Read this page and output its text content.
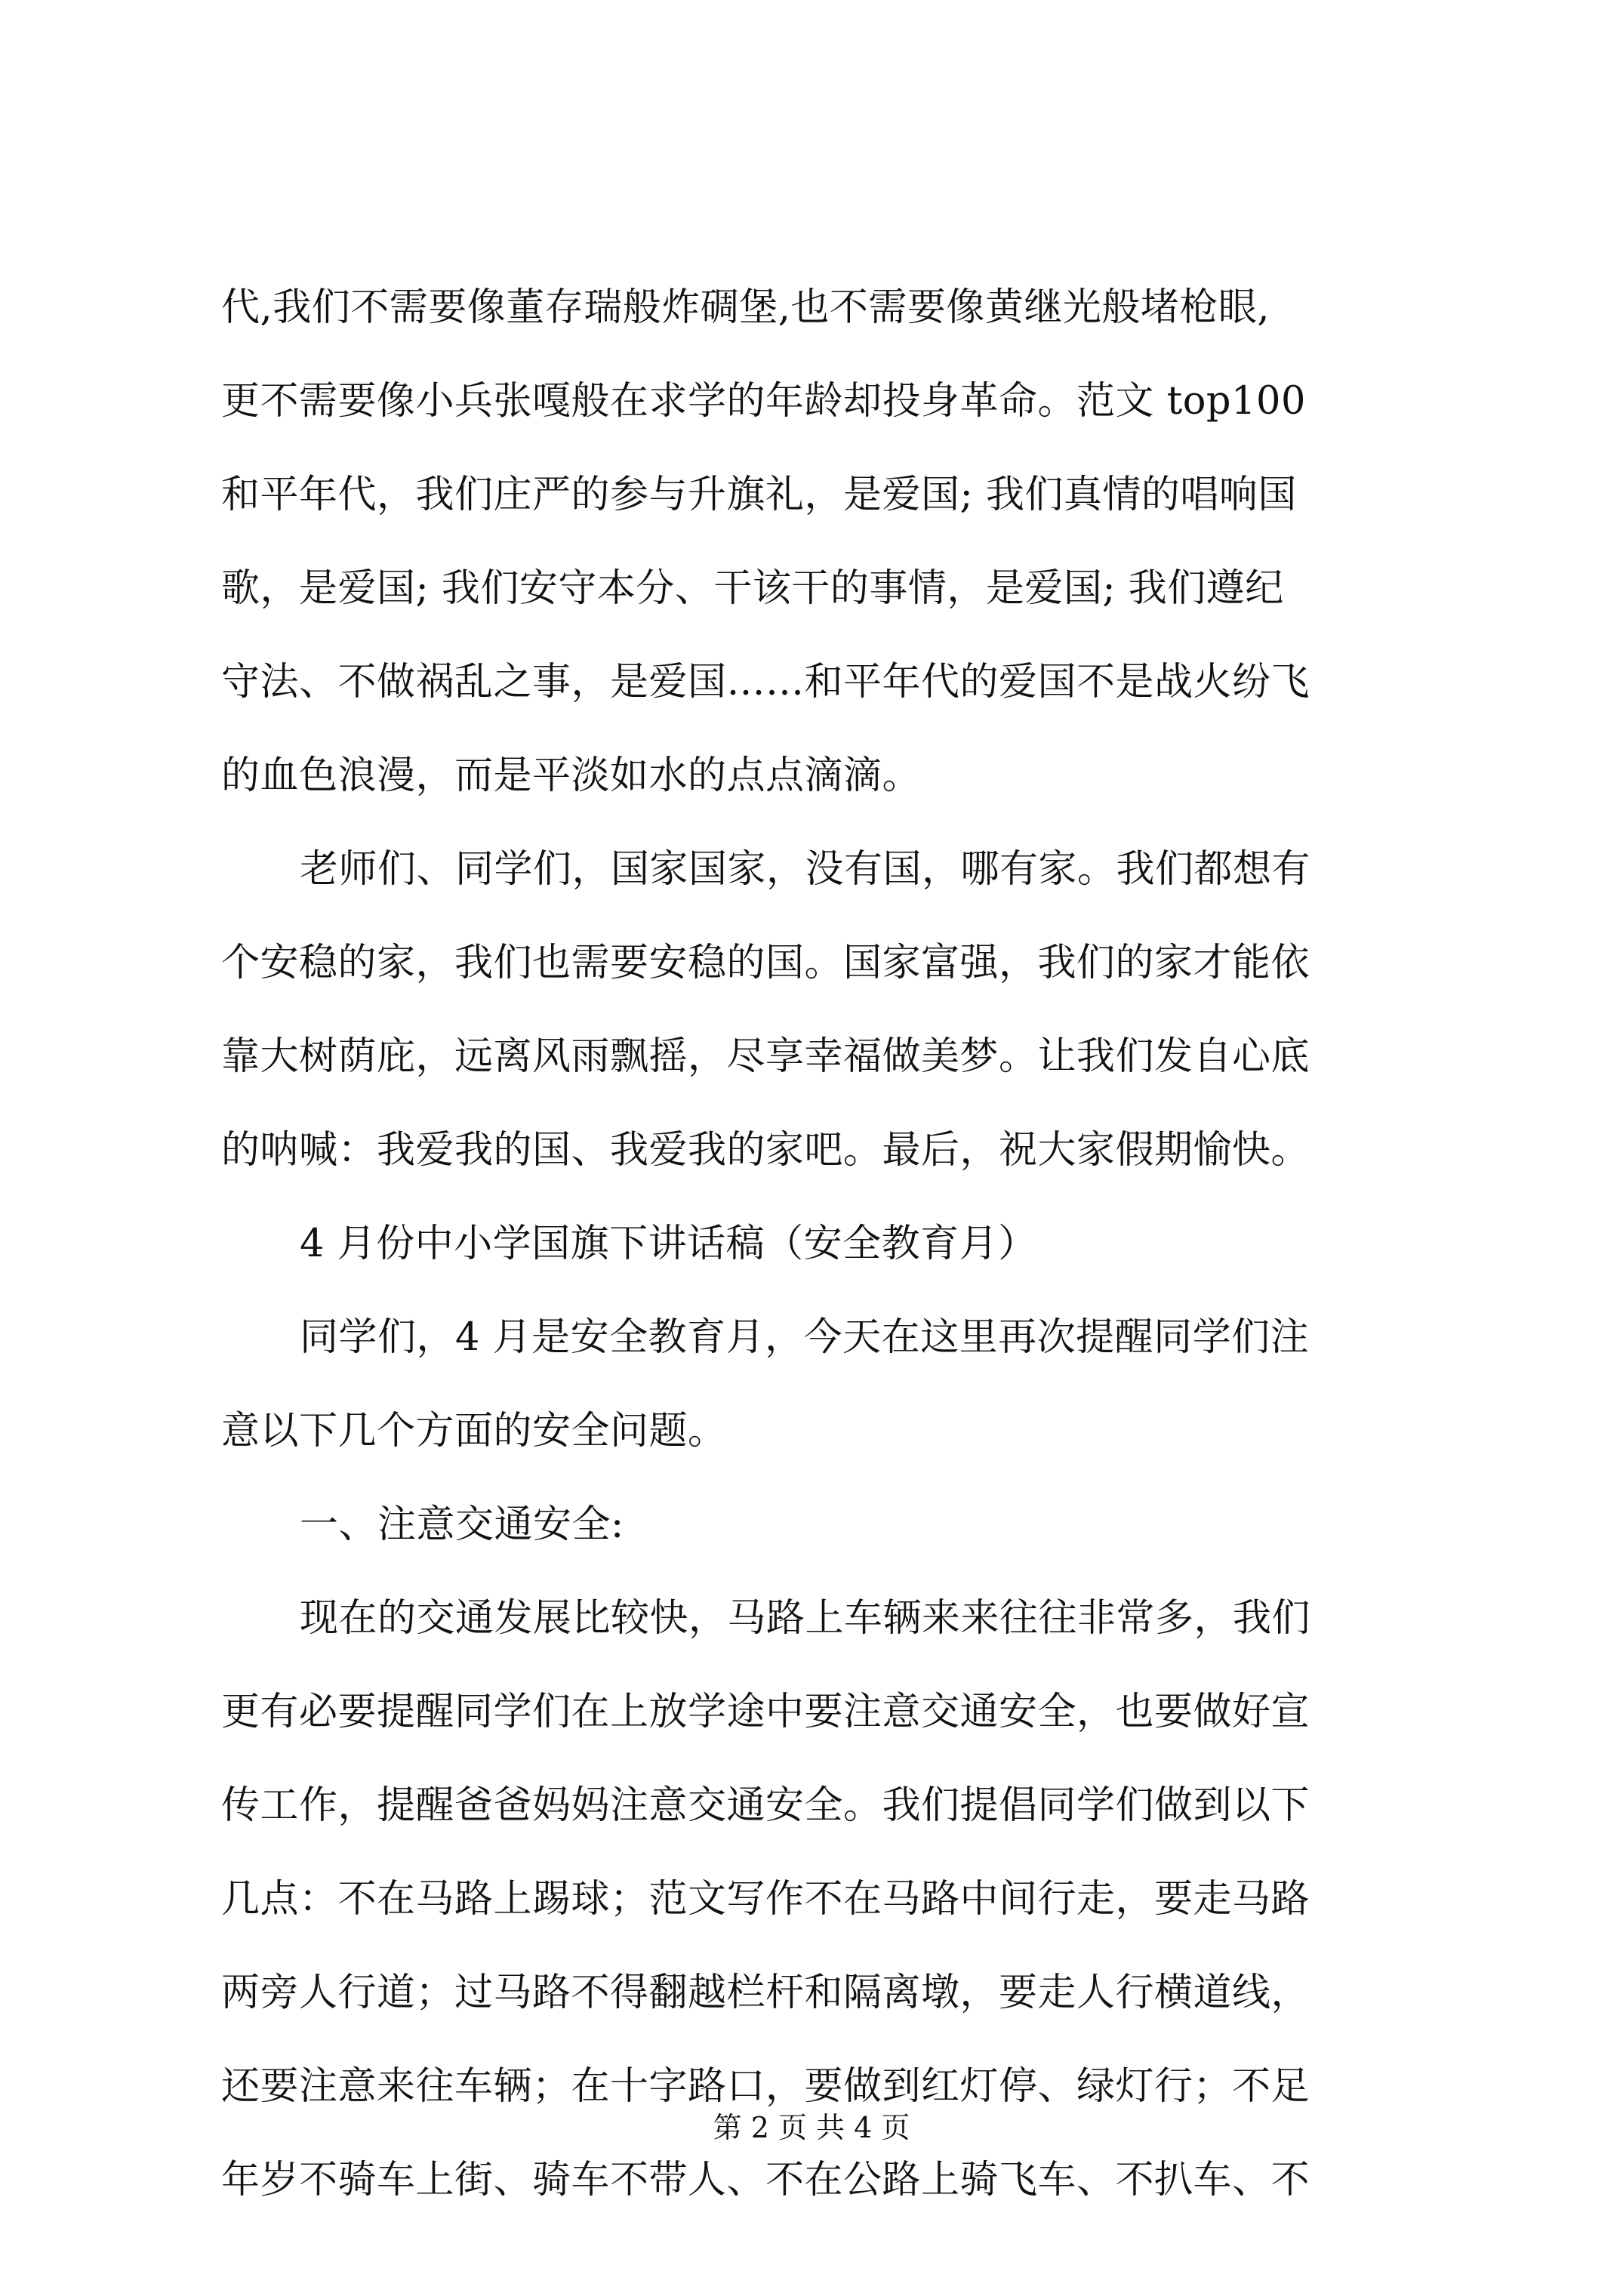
代,我们不需要像董存瑞般炸碉堡,也不需要像黄继光般堵枪眼,
更不需要像小兵张嘎般在求学的年龄却投身革命。范文 top100
和平年代，我们庄严的参与升旗礼，是爱国; 我们真情的唱响国
歌，是爱国; 我们安守本分、干该干的事情，是爱国; 我们遵纪
守法、不做祸乱之事，是爱国……和平年代的爱国不是战火纷飞
的血色浪漫，而是平淡如水的点点滴滴。
老师们、同学们，国家国家，没有国，哪有家。我们都想有
个安稳的家，我们也需要安稳的国。国家富强，我们的家才能依
靠大树荫庇，远离风雨飘摇，尽享幸福做美梦。让我们发自心底
的呐喊：我爱我的国、我爱我的家吧。最后，祝大家假期愉快。
4 月份中小学国旗下讲话稿（安全教育月）
同学们，4 月是安全教育月，今天在这里再次提醒同学们注
意以下几个方面的安全问题。
一、注意交通安全:
现在的交通发展比较快，马路上车辆来来往往非常多，我们
更有必要提醒同学们在上放学途中要注意交通安全，也要做好宣
传工作，提醒爸爸妈妈注意交通安全。我们提倡同学们做到以下
几点：不在马路上踢球；范文写作不在马路中间行走，要走马路
两旁人行道；过马路不得翻越栏杆和隔离墩，要走人行横道线，
还要注意来往车辆；在十字路口，要做到红灯停、绿灯行；不足
年岁不骑车上街、骑车不带人、不在公路上骑飞车、不扒车、不
第 2 页 共 4 页
